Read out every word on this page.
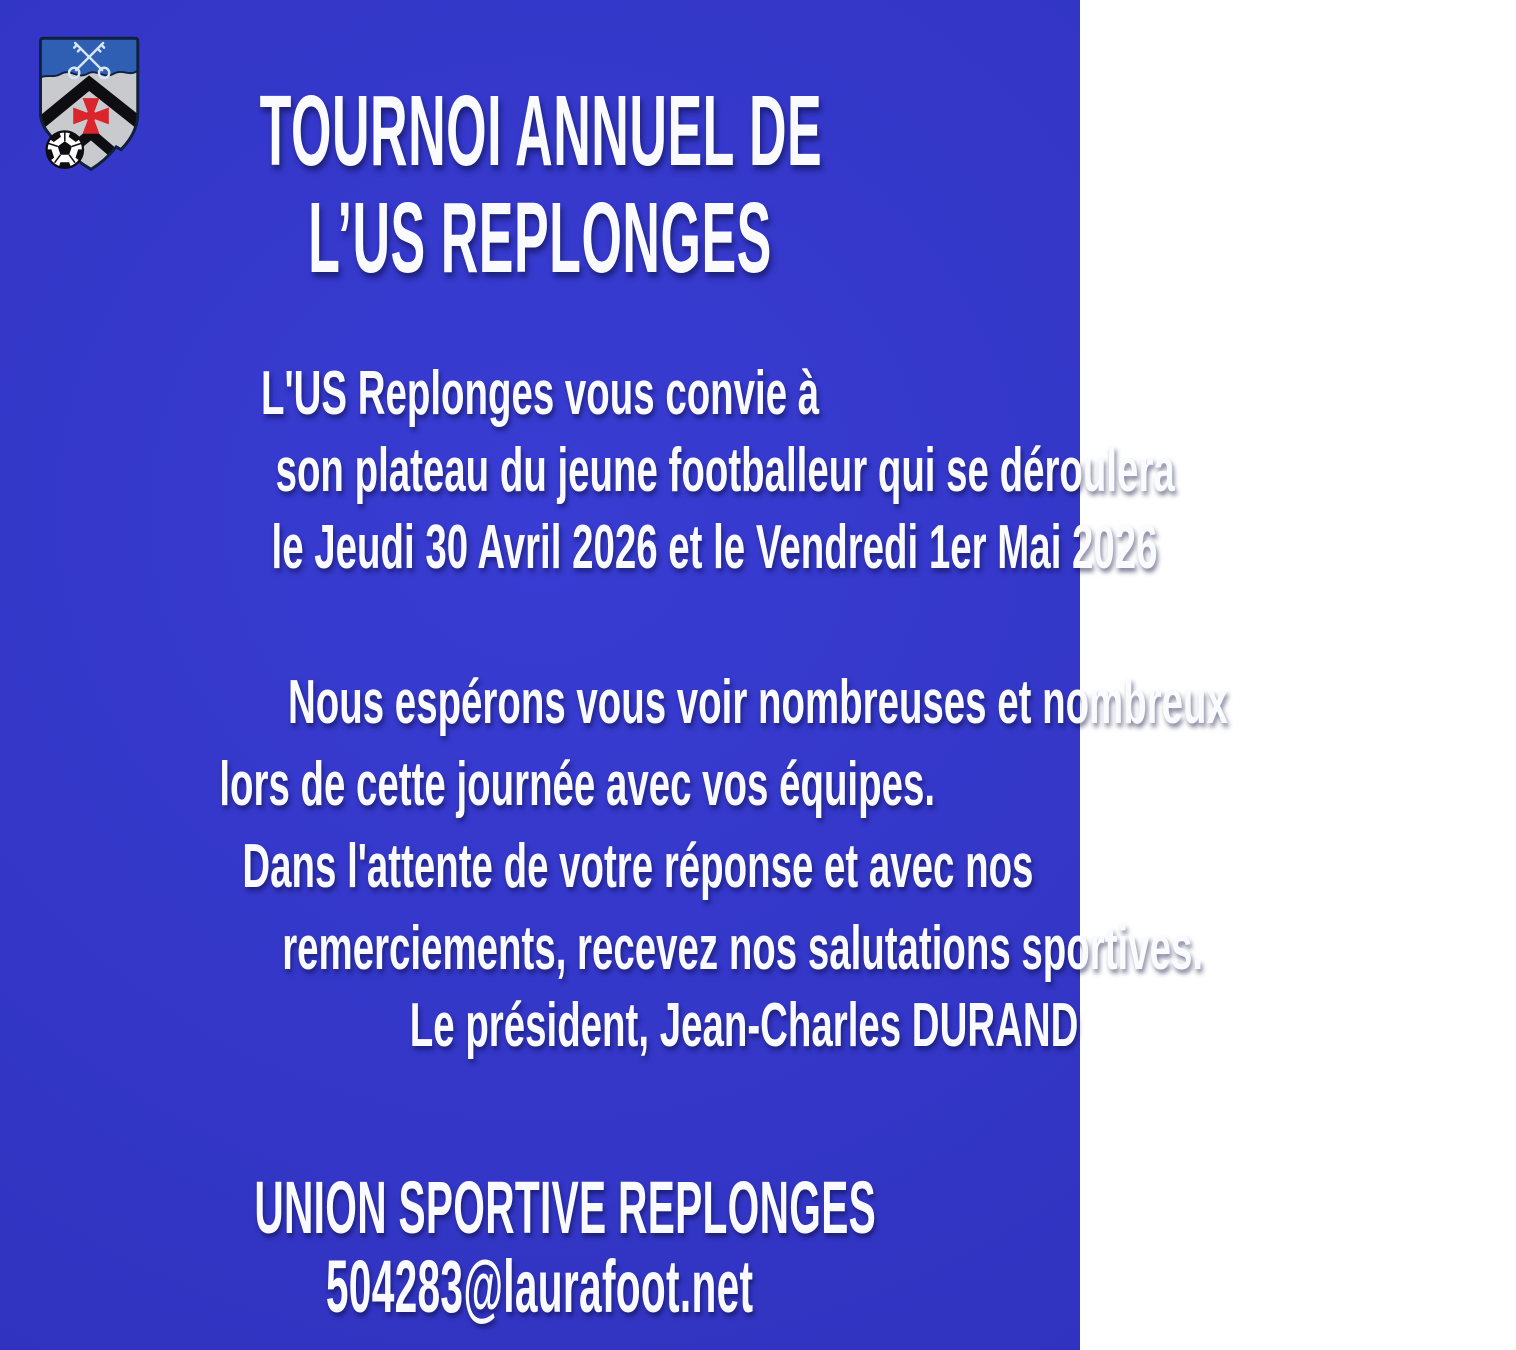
TOURNOI ANNUEL DE
L’US REPLONGES
L'US Replonges vous convie à
son plateau du jeune footballeur qui se déroulera
le Jeudi 30 Avril 2026 et le Vendredi 1er Mai 2026
Nous espérons vous voir nombreuses et nombreux
lors de cette journée avec vos équipes.
Dans l'attente de votre réponse et avec nos
remerciements, recevez nos salutations sportives.
Le président, Jean-Charles DURAND
UNION SPORTIVE REPLONGES
504283@laurafoot.net
